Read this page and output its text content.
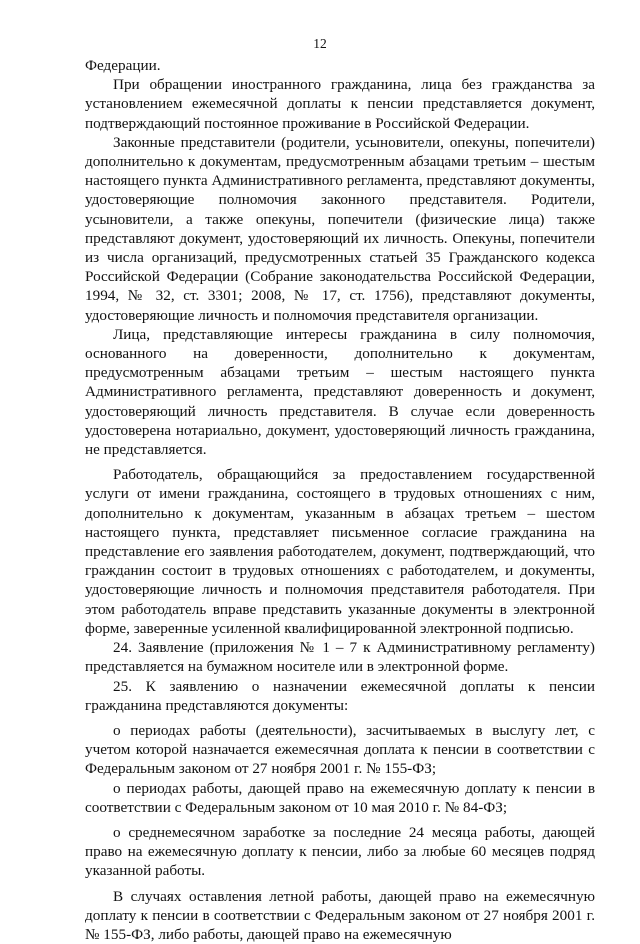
12

Федерации.

При обращении иностранного гражданина, лица без гражданства за установлением ежемесячной доплаты к пенсии представляется документ, подтверждающий постоянное проживание в Российской Федерации.

Законные представители (родители, усыновители, опекуны, попечители) дополнительно к документам, предусмотренным абзацами третьим – шестым настоящего пункта Административного регламента, представляют документы, удостоверяющие полномочия законного представителя. Родители, усыновители, а также опекуны, попечители (физические лица) также представляют документ, удостоверяющий их личность. Опекуны, попечители из числа организаций, предусмотренных статьей 35 Гражданского кодекса Российской Федерации (Собрание законодательства Российской Федерации, 1994, № 32, ст. 3301; 2008, № 17, ст. 1756), представляют документы, удостоверяющие личность и полномочия представителя организации.

Лица, представляющие интересы гражданина в силу полномочия, основанного на доверенности, дополнительно к документам, предусмотренным абзацами третьим – шестым настоящего пункта Административного регламента, представляют доверенность и документ, удостоверяющий личность представителя. В случае если доверенность удостоверена нотариально, документ, удостоверяющий личность гражданина, не представляется.

Работодатель, обращающийся за предоставлением государственной услуги от имени гражданина, состоящего в трудовых отношениях с ним, дополнительно к документам, указанным в абзацах третьем – шестом настоящего пункта, представляет письменное согласие гражданина на представление его заявления работодателем, документ, подтверждающий, что гражданин состоит в трудовых отношениях с работодателем, и документы, удостоверяющие личность и полномочия представителя работодателя. При этом работодатель вправе представить указанные документы в электронной форме, заверенные усиленной квалифицированной электронной подписью.

24. Заявление (приложения № 1 – 7 к Административному регламенту) представляется на бумажном носителе или в электронной форме.

25. К заявлению о назначении ежемесячной доплаты к пенсии гражданина представляются документы:

о периодах работы (деятельности), засчитываемых в выслугу лет, с учетом которой назначается ежемесячная доплата к пенсии в соответствии с Федеральным законом от 27 ноября 2001 г. № 155-ФЗ;

о периодах работы, дающей право на ежемесячную доплату к пенсии в соответствии с Федеральным законом от 10 мая 2010 г. № 84-ФЗ;

о среднемесячном заработке за последние 24 месяца работы, дающей право на ежемесячную доплату к пенсии, либо за любые 60 месяцев подряд указанной работы.

В случаях оставления летной работы, дающей право на ежемесячную доплату к пенсии в соответствии с Федеральным законом от 27 ноября 2001 г. № 155-ФЗ, либо работы, дающей право на ежемесячную
